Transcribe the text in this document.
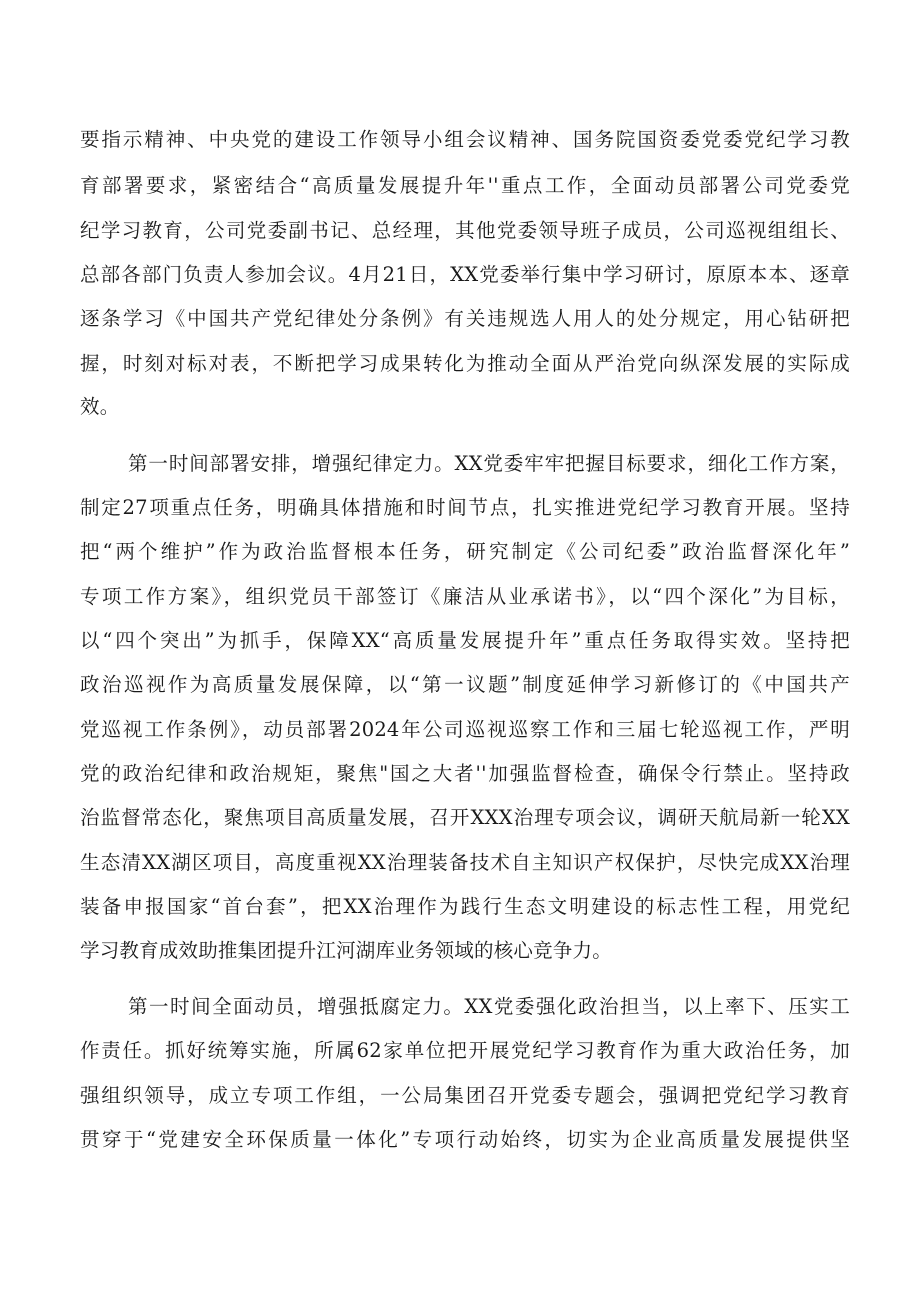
要指示精神、中央党的建设工作领导小组会议精神、国务院国资委党委党纪学习教
育部署要求，紧密结合“高质量发展提升年''重点工作，全面动员部署公司党委党
纪学习教育，公司党委副书记、总经理，其他党委领导班子成员，公司巡视组组长、
总部各部门负责人参加会议。4月21日，XX党委举行集中学习研讨，原原本本、逐章
逐条学习《中国共产党纪律处分条例》有关违规选人用人的处分规定，用心钻研把
握，时刻对标对表，不断把学习成果转化为推动全面从严治党向纵深发展的实际成
效。
第一时间部署安排，增强纪律定力。XX党委牢牢把握目标要求，细化工作方案，
制定27项重点任务，明确具体措施和时间节点，扎实推进党纪学习教育开展。坚持
把“两个维护”作为政治监督根本任务，研究制定《公司纪委”政治监督深化年”
专项工作方案》，组织党员干部签订《廉洁从业承诺书》，以“四个深化”为目标，
以“四个突出”为抓手，保障XX“高质量发展提升年”重点任务取得实效。坚持把
政治巡视作为高质量发展保障，以“第一议题”制度延伸学习新修订的《中国共产
党巡视工作条例》，动员部署2024年公司巡视巡察工作和三届七轮巡视工作，严明
党的政治纪律和政治规矩，聚焦"国之大者''加强监督检查，确保令行禁止。坚持政
治监督常态化，聚焦项目高质量发展，召开XXX治理专项会议，调研天航局新一轮XX
生态清XX湖区项目，高度重视XX治理装备技术自主知识产权保护，尽快完成XX治理
装备申报国家“首台套”，把XX治理作为践行生态文明建设的标志性工程，用党纪
学习教育成效助推集团提升江河湖库业务领域的核心竞争力。
第一时间全面动员，增强抵腐定力。XX党委强化政治担当，以上率下、压实工
作责任。抓好统筹实施，所属62家单位把开展党纪学习教育作为重大政治任务，加
强组织领导，成立专项工作组，一公局集团召开党委专题会，强调把党纪学习教育
贯穿于“党建安全环保质量一体化”专项行动始终，切实为企业高质量发展提供坚
